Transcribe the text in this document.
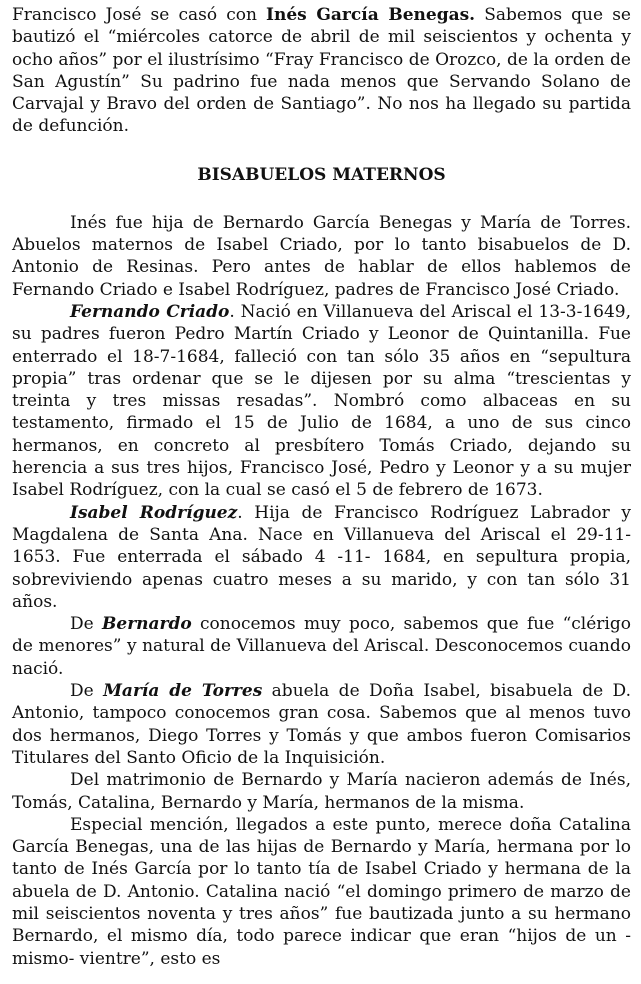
Francisco José se casó con Inés García Benegas. Sabemos que se bautizó el “miércoles catorce de abril de mil seiscientos y ochenta y ocho años” por el ilustrísimo “Fray Francisco de Orozco, de la orden de San Agustín” Su padrino fue nada menos que Servando Solano de Carvajal y Bravo del orden de Santiago”. No nos ha llegado su partida de defunción.

BISABUELOS MATERNOS

Inés fue hija de Bernardo García Benegas y María de Torres. Abuelos maternos de Isabel Criado, por lo tanto bisabuelos de D. Antonio de Resinas. Pero antes de hablar de ellos hablemos de Fernando Criado e Isabel Rodríguez, padres de Francisco José Criado.

Fernando Criado. Nació en Villanueva del Ariscal el 13-3-1649, su padres fueron Pedro Martín Criado y Leonor de Quintanilla. Fue enterrado el 18-7-1684, falleció con tan sólo 35 años en “sepultura propia” tras ordenar que se le dijesen por su alma “trescientas y treinta y tres missas resadas”. Nombró como albaceas en su testamento, firmado el 15 de Julio de 1684, a uno de sus cinco hermanos, en concreto al presbítero Tomás Criado, dejando su herencia a sus tres hijos, Francisco José, Pedro y Leonor y a su mujer Isabel Rodríguez, con la cual se casó el 5 de febrero de 1673.

Isabel Rodríguez. Hija de Francisco Rodríguez Labrador y Magdalena de Santa Ana. Nace en Villanueva del Ariscal el 29-11-1653. Fue enterrada el sábado 4 -11- 1684, en sepultura propia, sobreviviendo apenas cuatro meses a su marido, y con tan sólo 31 años.

De Bernardo conocemos muy poco, sabemos que fue “clérigo de menores” y natural de Villanueva del Ariscal. Desconocemos cuando nació.

De María de Torres abuela de Doña Isabel, bisabuela de D. Antonio, tampoco conocemos gran cosa. Sabemos que al menos tuvo dos hermanos, Diego Torres y Tomás y que ambos fueron Comisarios Titulares del Santo Oficio de la Inquisición.

Del matrimonio de Bernardo y María nacieron además de Inés, Tomás, Catalina, Bernardo y María, hermanos de la misma.

Especial mención, llegados a este punto, merece doña Catalina García Benegas, una de las hijas de Bernardo y María, hermana por lo tanto de Inés García por lo tanto tía de Isabel Criado y hermana de la abuela de D. Antonio. Catalina nació “el domingo primero de marzo de mil seiscientos noventa y tres años” fue bautizada junto a su hermano Bernardo, el mismo día, todo parece indicar que eran “hijos de un -mismo- vientre”, esto es
